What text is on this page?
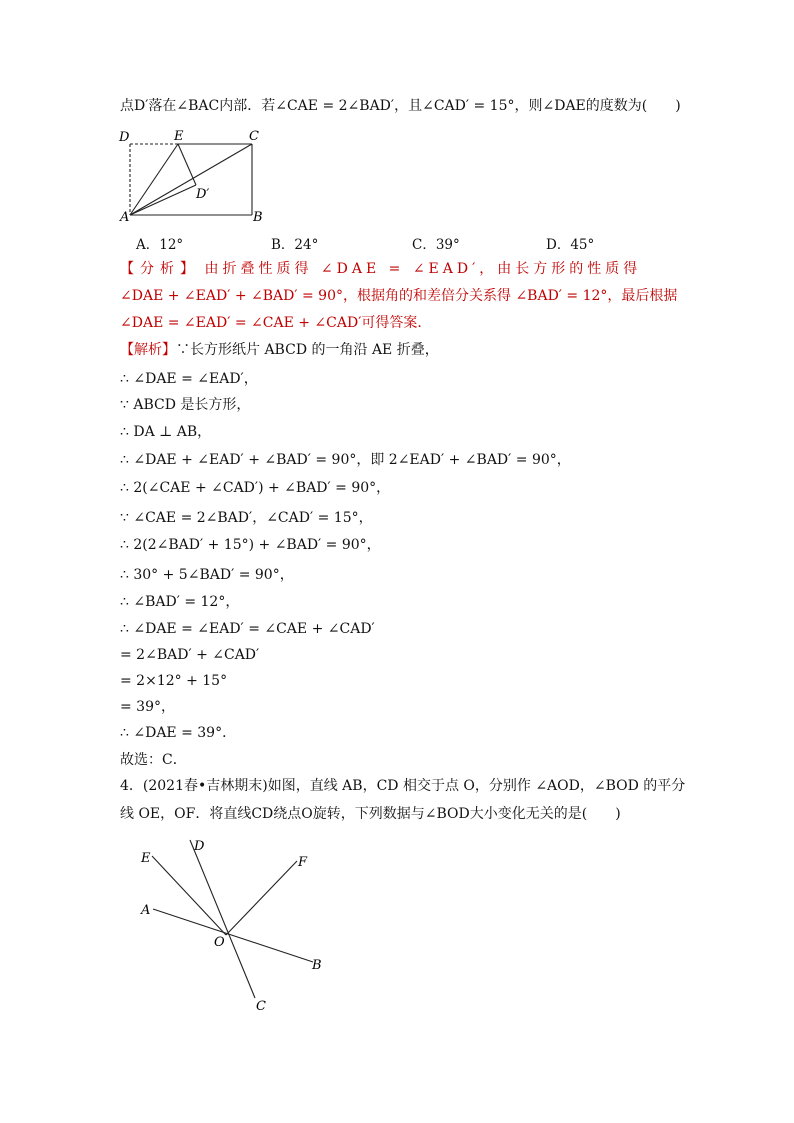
点D′落在∠BAC内部．若∠CAE = 2∠BAD′，且∠CAD′ = 15°，则∠DAE的度数为(　　)
D	E	C
D′
A	B
E
D
F
A
O
B
C
A．12°	B．24°	C．39°	D．45°
【分析】 由折叠性质得 ∠DAE = ∠EAD′，由长方形的性质得
∠DAE + ∠EAD′ + ∠BAD′ = 90°，根据角的和差倍分关系得 ∠BAD′ = 12°，最后根据
∠DAE = ∠EAD′ = ∠CAE + ∠CAD′可得答案．
【解析】∵长方形纸片 ABCD 的一角沿 AE 折叠，
∴ ∠DAE = ∠EAD′，
∵ ABCD 是长方形，
∴ DA ⊥ AB，
∴ ∠DAE + ∠EAD′ + ∠BAD′ = 90°，即 2∠EAD′ + ∠BAD′ = 90°，
∴ 2(∠CAE + ∠CAD′) + ∠BAD′ = 90°，
∵ ∠CAE = 2∠BAD′，∠CAD′ = 15°，
∴ 2(2∠BAD′ + 15°) + ∠BAD′ = 90°，
∴ 30° + 5∠BAD′ = 90°，
∴ ∠BAD′ = 12°，
∴ ∠DAE = ∠EAD′ = ∠CAE + ∠CAD′
= 2∠BAD′ + ∠CAD′
= 2×12° + 15°
= 39°，
∴ ∠DAE = 39°．
故选：C．
4．(2021春•吉林期末)如图，直线 AB，CD 相交于点 O，分别作 ∠AOD，∠BOD 的平分
线 OE，OF．将直线CD绕点O旋转，下列数据与∠BOD大小变化无关的是(　　)
